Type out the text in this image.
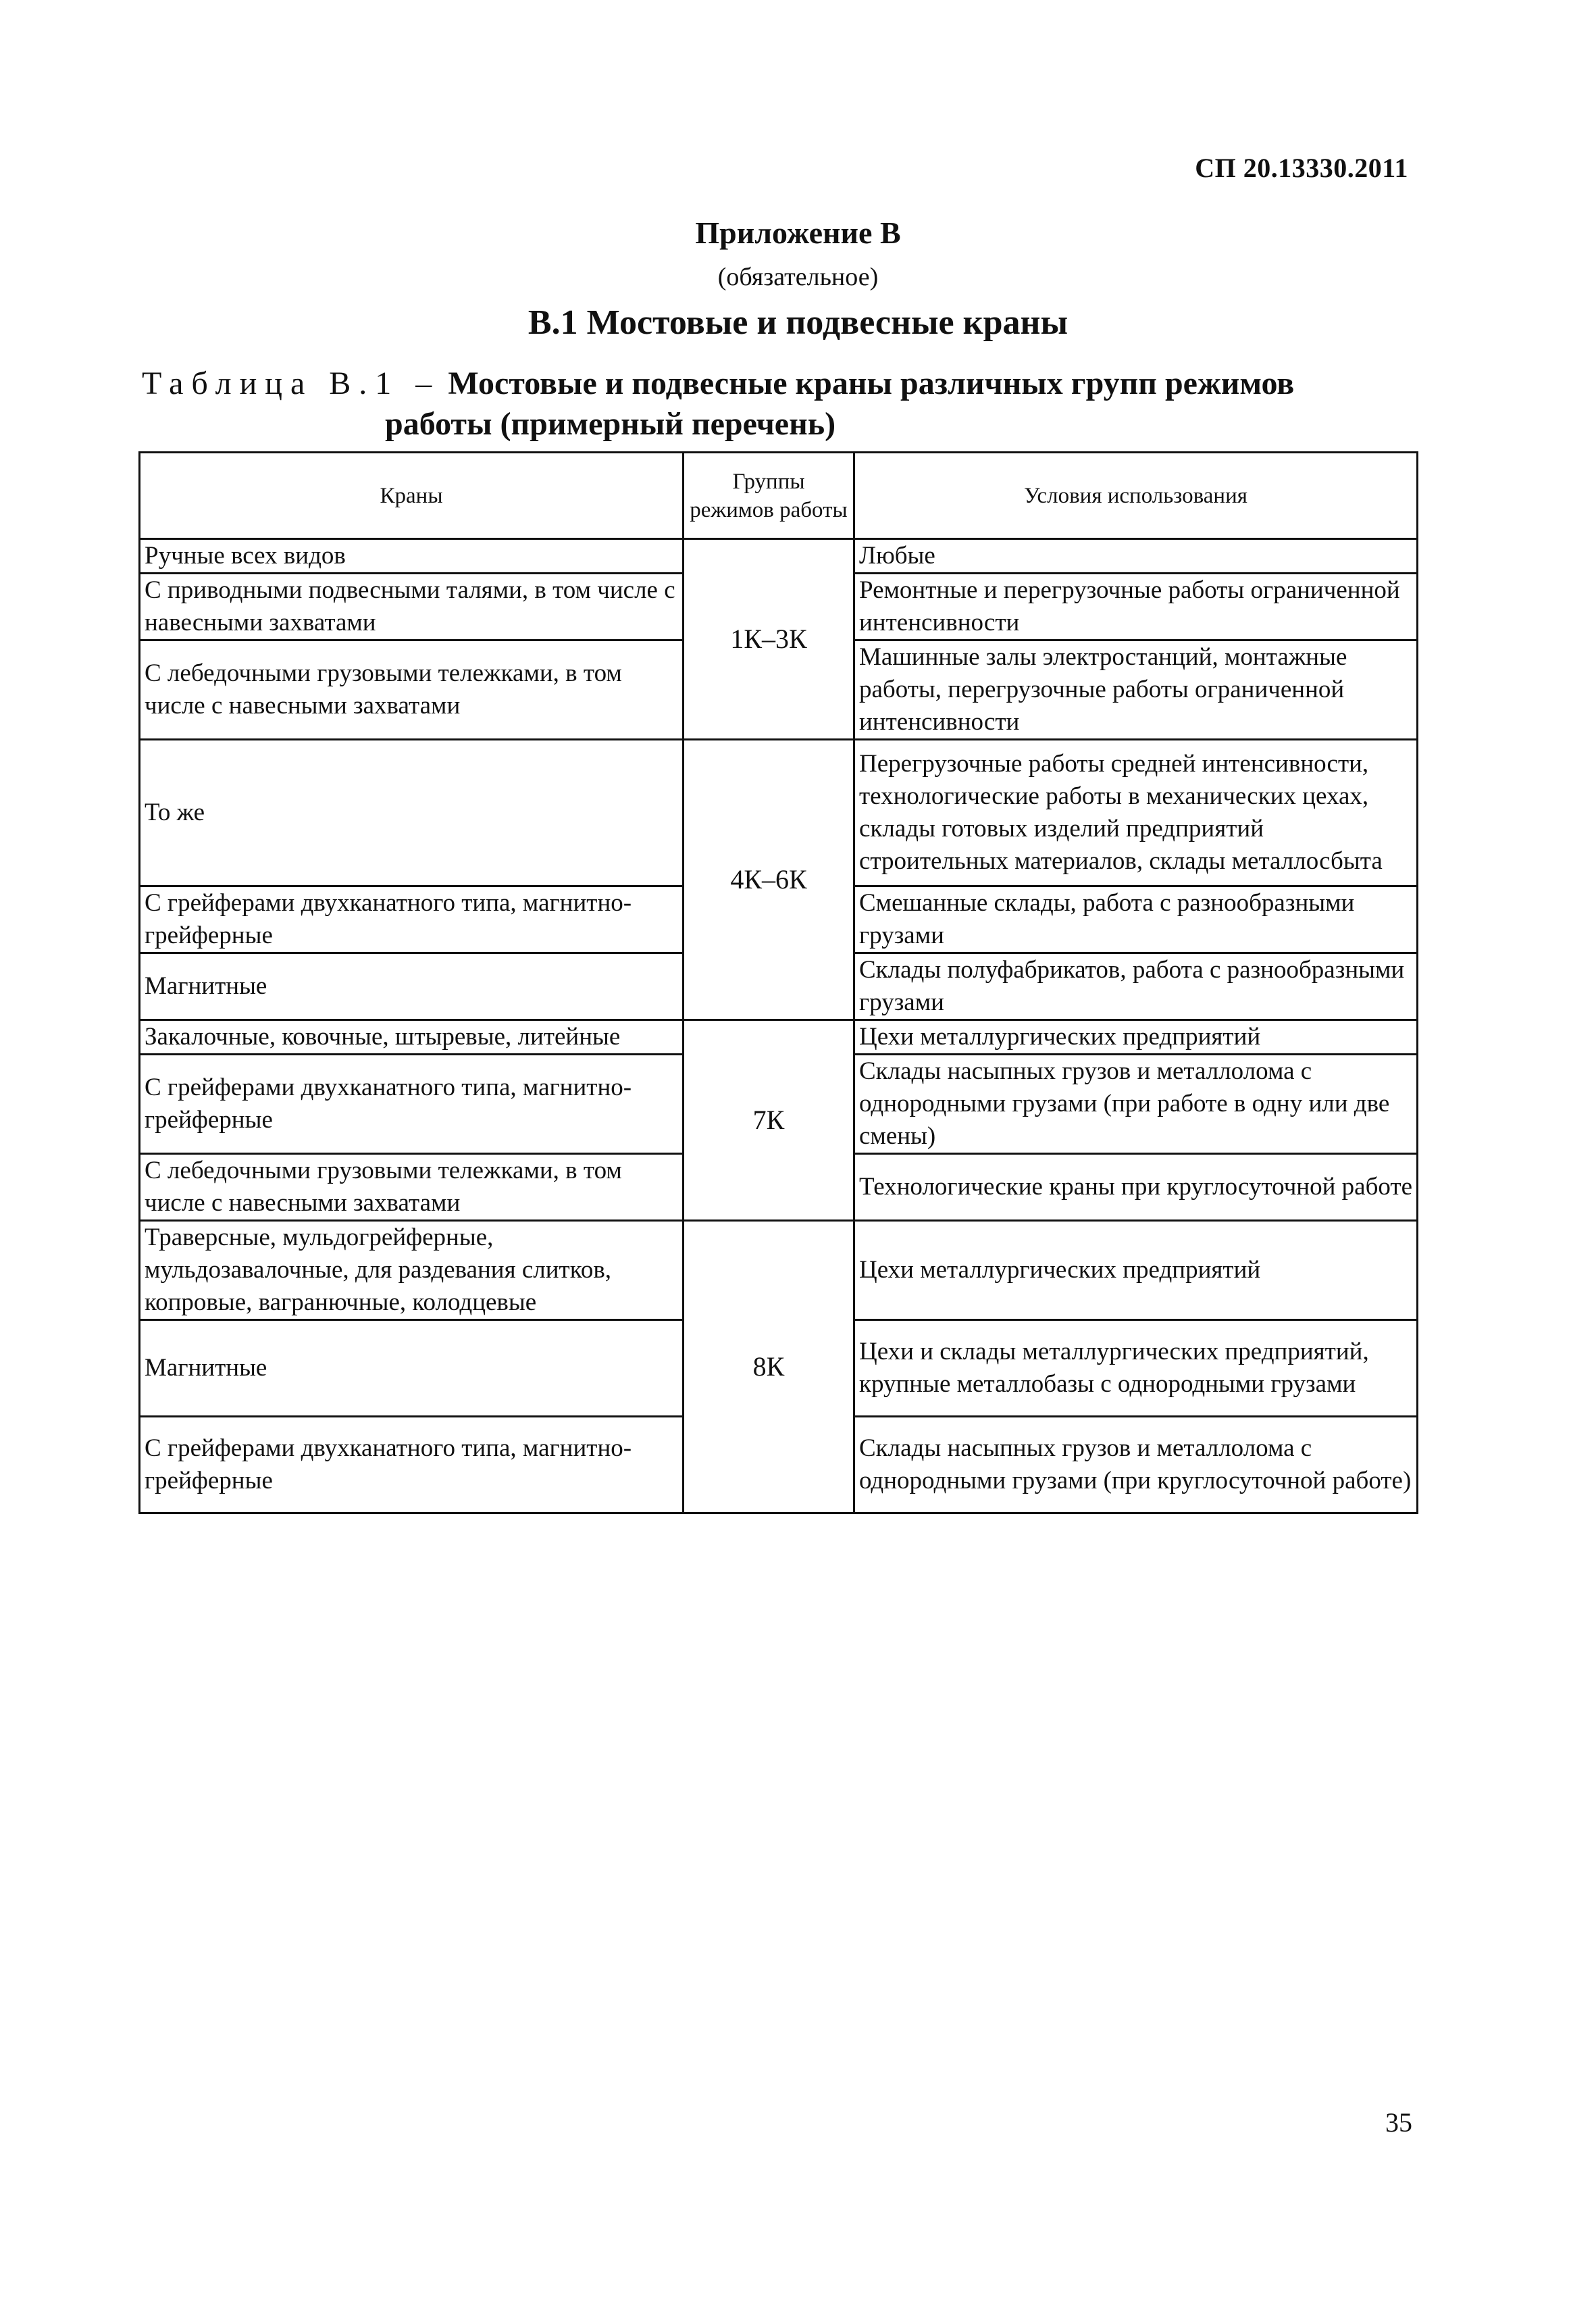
СП 20.13330.2011
Приложение В
(обязательное)
В.1 Мостовые и подвесные краны
Таблица В.1 – Мостовые и подвесные краны различных групп режимов
работы (примерный перечень)
Краны	Группы режимов работы	Условия использования
Ручные всех видов	1К–3К	Любые
С приводными подвесными талями, в том числе с навесными захватами		Ремонтные и перегрузочные работы ограниченной интенсивности
С лебедочными грузовыми тележками, в том числе с навесными захватами		Машинные залы электростанций, монтажные работы, перегрузочные работы ограниченной интенсивности
То же	4К–6К	Перегрузочные работы средней интенсивности, технологические работы в механических цехах, склады готовых изделий предприятий строительных материалов, склады металлосбыта
С грейферами двухканатного типа, магнитно-грейферные		Смешанные склады, работа с разнообразными грузами
Магнитные		Склады полуфабрикатов, работа с разнообразными грузами
Закалочные, ковочные, штыревые, литейные	7К	Цехи металлургических предприятий
С грейферами двухканатного типа, магнитно-грейферные		Склады насыпных грузов и металлолома с однородными грузами (при работе в одну или две смены)
С лебедочными грузовыми тележками, в том числе с навесными захватами		Технологические краны при круглосуточной работе
Траверсные, мульдогрейферные, мульдозавалочные, для раздевания слитков, копровые, вагранючные, колодцевые	8К	Цехи металлургических предприятий
Магнитные		Цехи и склады металлургических предприятий, крупные металлобазы с однородными грузами
С грейферами двухканатного типа, магнитно-грейферные		Склады насыпных грузов и металлолома с однородными грузами (при круглосуточной работе)
35
